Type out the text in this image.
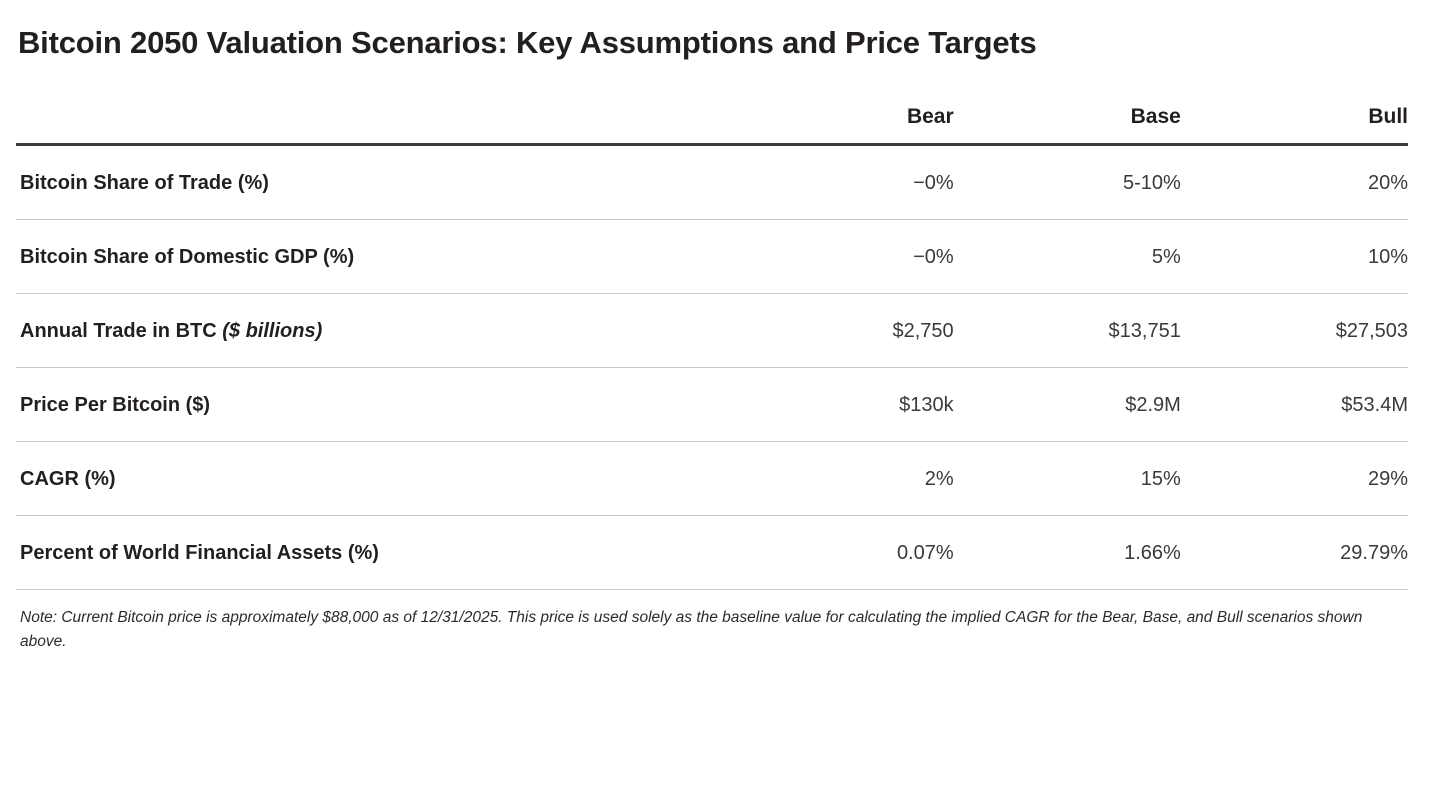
Bitcoin 2050 Valuation Scenarios: Key Assumptions and Price Targets
	Bear	Base	Bull
Bitcoin Share of Trade (%)	−0%	5-10%	20%
Bitcoin Share of Domestic GDP (%)	−0%	5%	10%
Annual Trade in BTC ($ billions)	$2,750	$13,751	$27,503
Price Per Bitcoin ($)	$130k	$2.9M	$53.4M
CAGR (%)	2%	15%	29%
Percent of World Financial Assets (%)	0.07%	1.66%	29.79%
Note: Current Bitcoin price is approximately $88,000 as of 12/31/2025. This price is used solely as the baseline value for calculating the implied CAGR for the Bear, Base, and Bull scenarios shown above.
